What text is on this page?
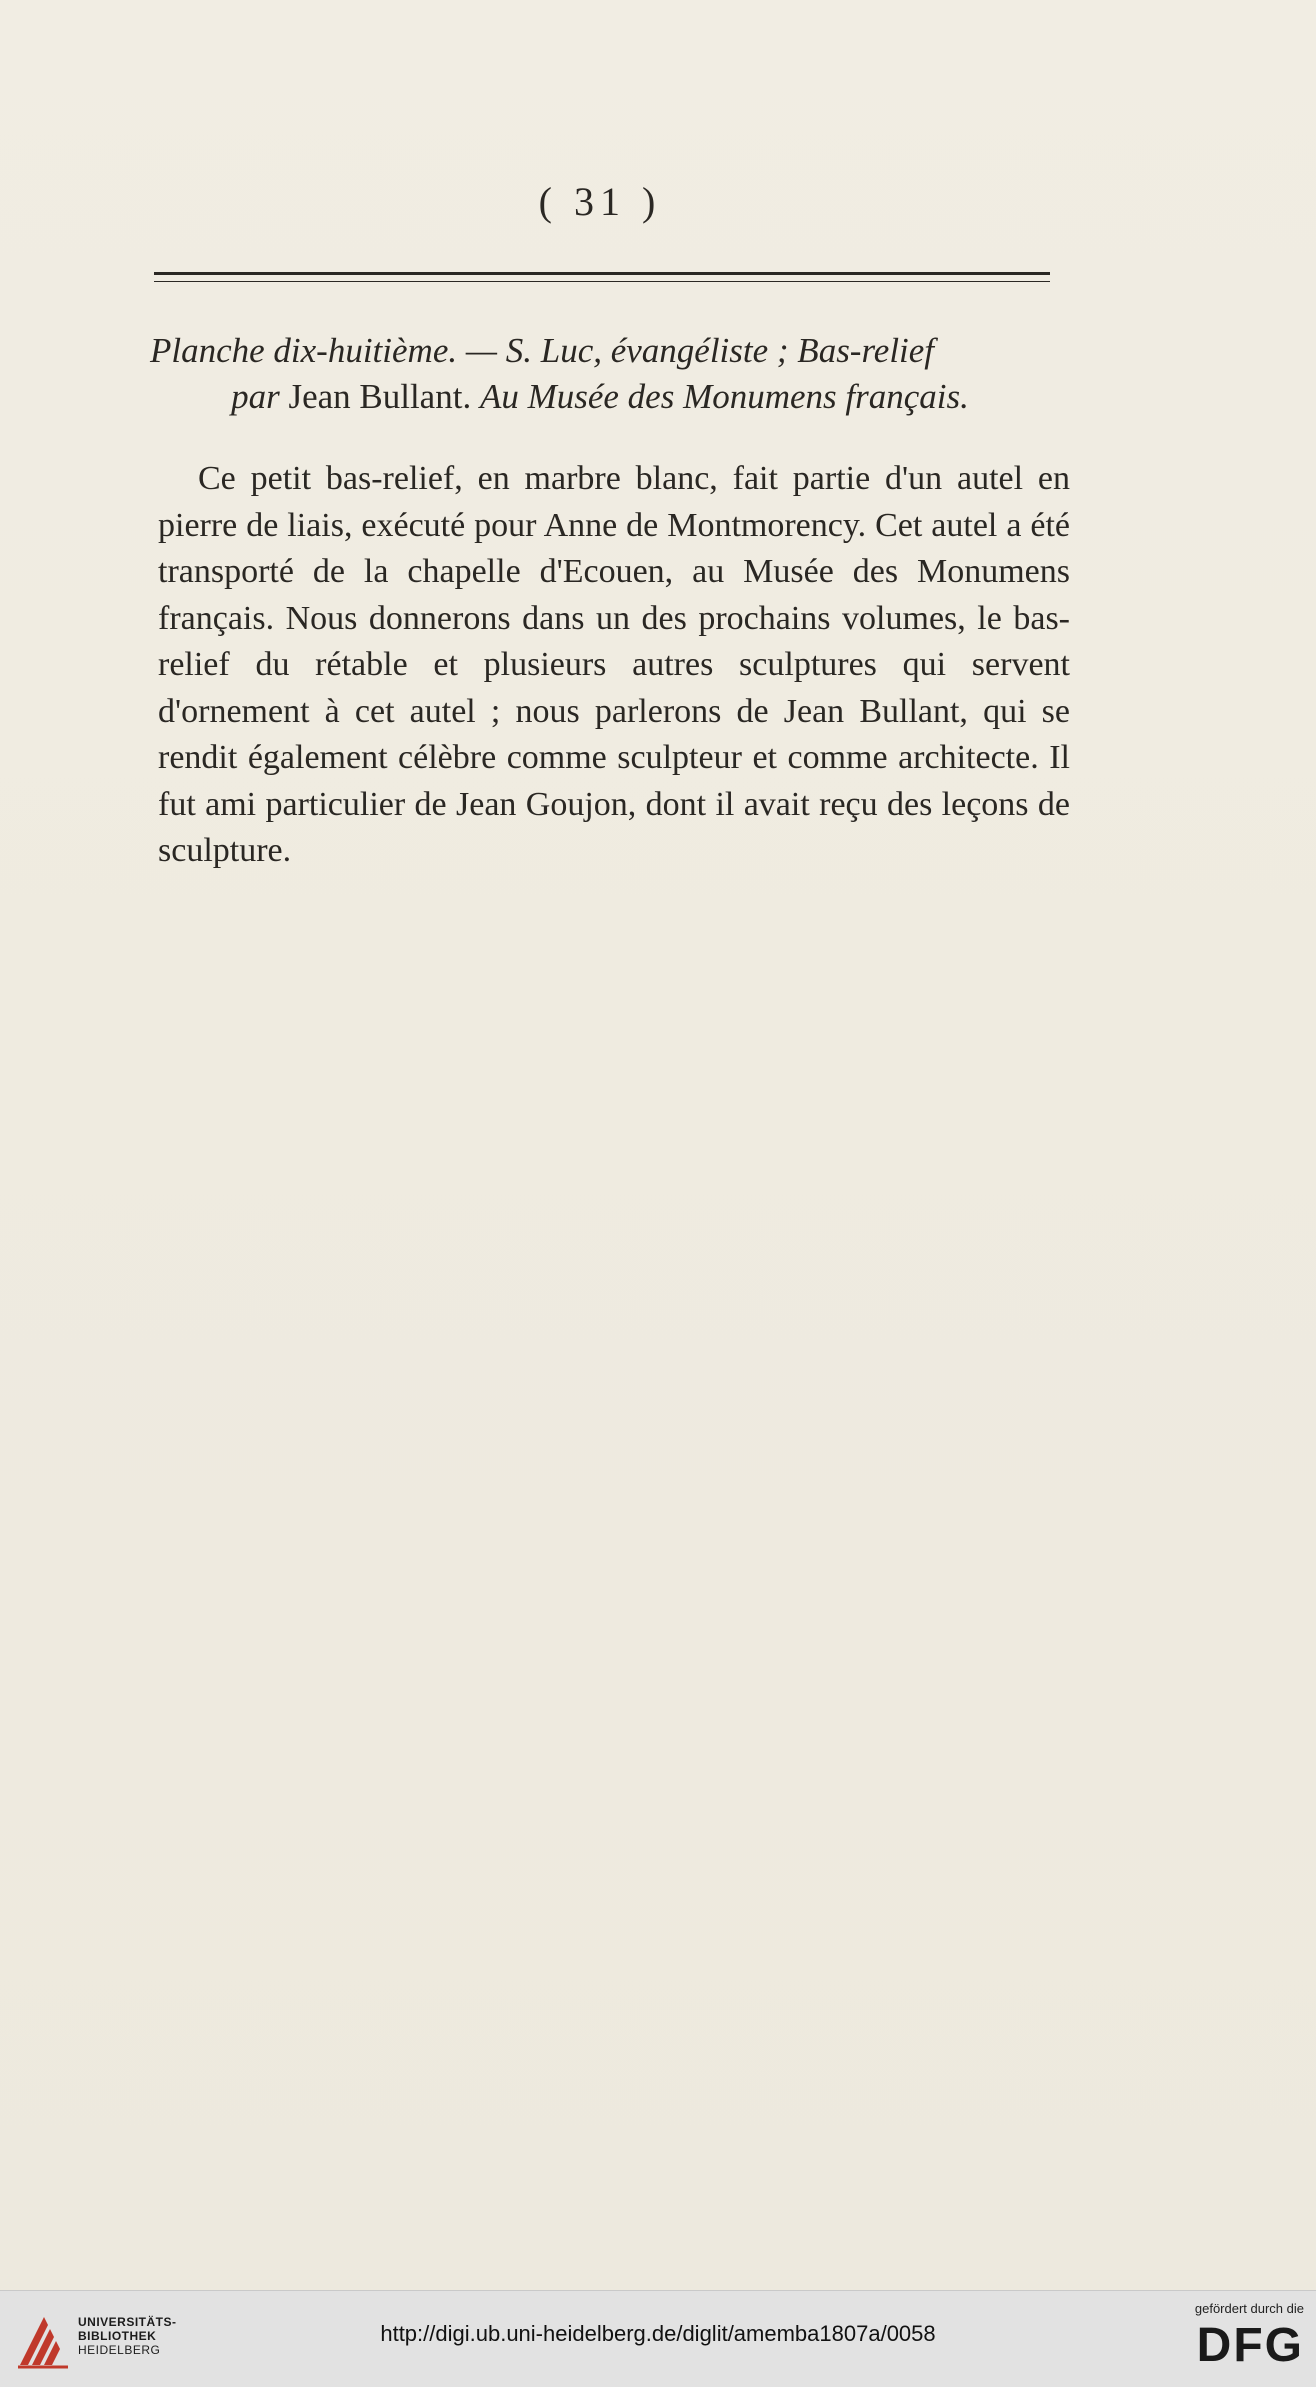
( 31 )
Planche dix-huitième. — S. Luc, évangéliste ; Bas-relief
par Jean Bullant. Au Musée des Monumens français.

Ce petit bas-relief, en marbre blanc, fait partie d'un autel en pierre de liais, exécuté pour Anne de Montmorency. Cet autel a été transporté de la chapelle d'Ecouen, au Musée des Monumens français. Nous donnerons dans un des prochains volumes, le bas-relief du rétable et plusieurs autres sculptures qui servent d'ornement à cet autel ; nous parlerons de Jean Bullant, qui se rendit également célèbre comme sculpteur et comme architecte. Il fut ami particulier de Jean Goujon, dont il avait reçu des leçons de sculpture.

UNIVERSITÄTS-
BIBLIOTHEK
HEIDELBERG
http://digi.ub.uni-heidelberg.de/diglit/amemba1807a/0058
gefördert durch die
DFG
